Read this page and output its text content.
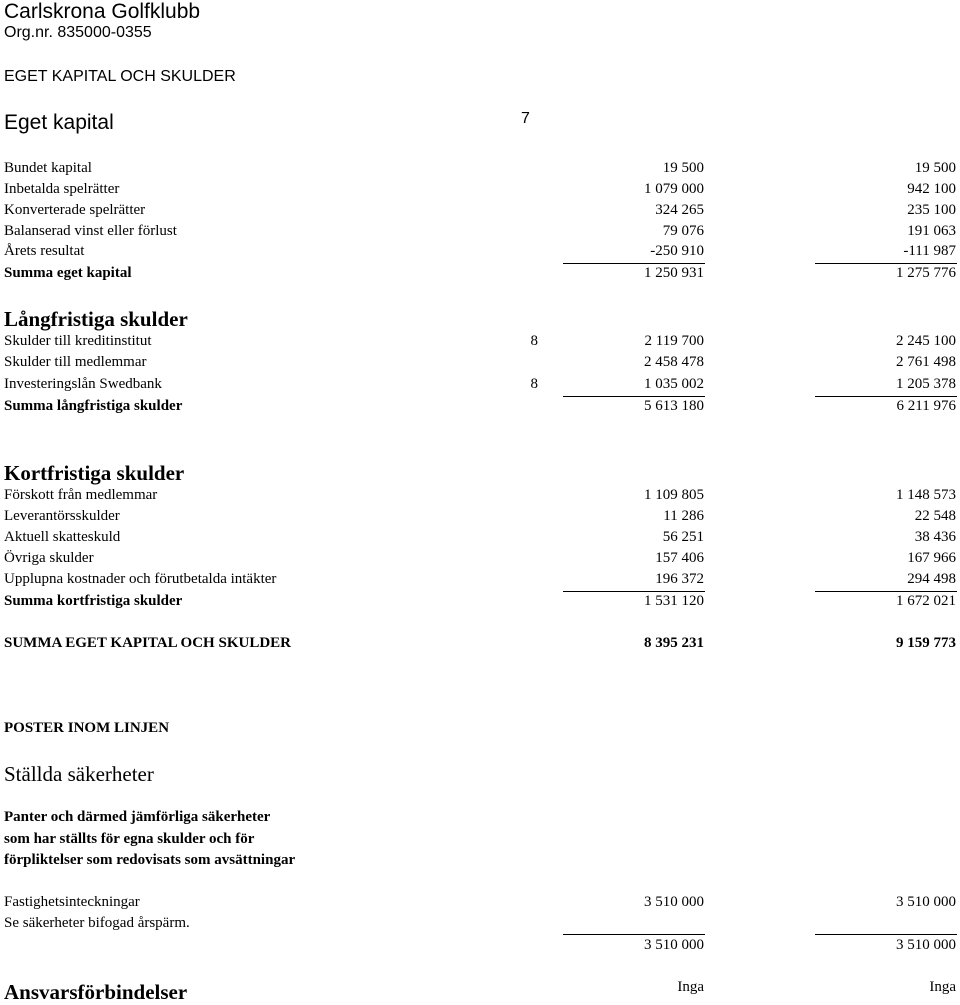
Carlskrona Golfklubb
Org.nr. 835000-0355
EGET KAPITAL OCH SKULDER
Eget kapital	7
Bundet kapital	19 500	19 500
Inbetalda spelrätter	1 079 000	942 100
Konverterade spelrätter	324 265	235 100
Balanserad vinst eller förlust	79 076	191 063
Årets resultat	-250 910	-111 987
Summa eget kapital	1 250 931	1 275 776
Långfristiga skulder
Skulder till kreditinstitut	8	2 119 700	2 245 100
Skulder till medlemmar	2 458 478	2 761 498
Investeringslån Swedbank	8	1 035 002	1 205 378
Summa långfristiga skulder	5 613 180	6 211 976
Kortfristiga skulder
Förskott från medlemmar	1 109 805	1 148 573
Leverantörsskulder	11 286	22 548
Aktuell skatteskuld	56 251	38 436
Övriga skulder	157 406	167 966
Upplupna kostnader och förutbetalda intäkter	196 372	294 498
Summa kortfristiga skulder	1 531 120	1 672 021
SUMMA EGET KAPITAL OCH SKULDER	8 395 231	9 159 773
POSTER INOM LINJEN
Ställda säkerheter
Panter och därmed jämförliga säkerheter
som har ställts för egna skulder och för
förpliktelser som redovisats som avsättningar
Fastighetsinteckningar	3 510 000	3 510 000
Se säkerheter bifogad årspärm.
3 510 000	3 510 000
Ansvarsförbindelser	Inga	Inga
